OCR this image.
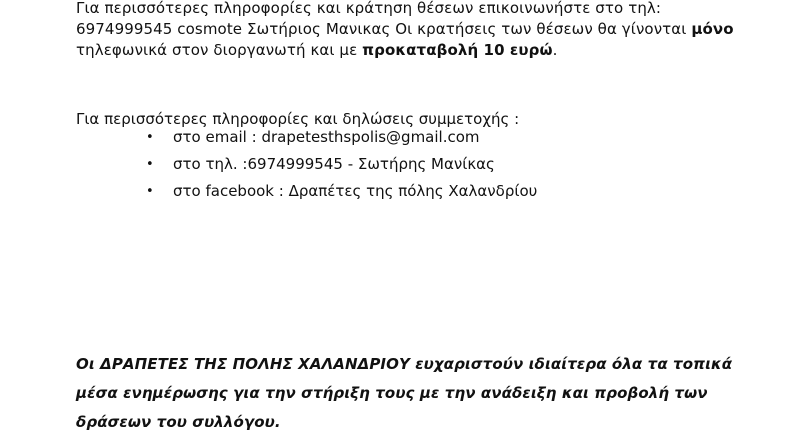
Για περισσότερες πληροφορίες και κράτηση θέσεων επικοινωνήστε στο τηλ:
6974999545 cosmote Σωτήριος Μανικας Οι κρατήσεις των θέσεων θα γίνονται μόνο
τηλεφωνικά στον διοργανωτή και με προκαταβολή 10 ευρώ.
Για περισσότερες πληροφορίες και δηλώσεις συμμετοχής :
• στο email : drapetesthspolis@gmail.com
• στο τηλ. :6974999545 - Σωτήρης Μανίκας
• στο facebook : Δραπέτες της πόλης Χαλανδρίου
Οι ΔΡΑΠΕΤΕΣ ΤΗΣ ΠΟΛΗΣ ΧΑΛΑΝΔΡΙΟΥ ευχαριστούν ιδιαίτερα όλα τα τοπικά
μέσα ενημέρωσης για την στήριξη τους με την ανάδειξη και προβολή των
δράσεων του συλλόγου.
